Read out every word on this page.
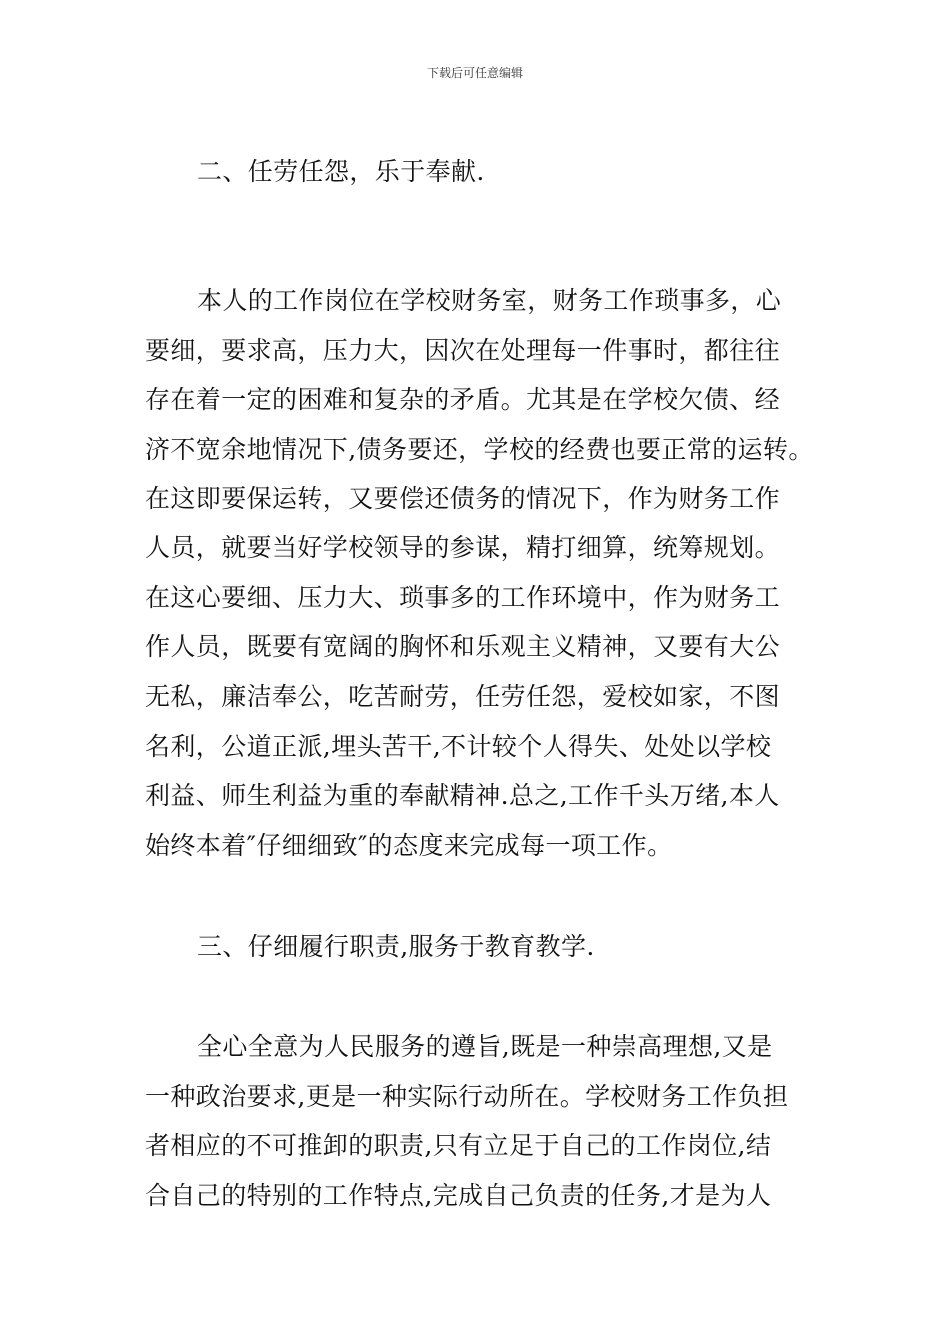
下载后可任意编辑
二、任劳任怨，乐于奉献.
本人的工作岗位在学校财务室，财务工作琐事多，心
要细，要求高，压力大，因次在处理每一件事时，都往往
存在着一定的困难和复杂的矛盾。尤其是在学校欠债、经
济不宽余地情况下,债务要还，学校的经费也要正常的运转。
在这即要保运转，又要偿还债务的情况下，作为财务工作
人员，就要当好学校领导的参谋，精打细算，统筹规划。
在这心要细、压力大、琐事多的工作环境中，作为财务工
作人员，既要有宽阔的胸怀和乐观主义精神，又要有大公
无私，廉洁奉公，吃苦耐劳，任劳任怨，爱校如家，不图
名利，公道正派,埋头苦干,不计较个人得失、处处以学校
利益、师生利益为重的奉献精神.总之,工作千头万绪,本人
始终本着″仔细细致″的态度来完成每一项工作。
三、仔细履行职责,服务于教育教学.
全心全意为人民服务的遵旨,既是一种崇高理想,又是
一种政治要求,更是一种实际行动所在。学校财务工作负担
者相应的不可推卸的职责,只有立足于自己的工作岗位,结
合自己的特别的工作特点,完成自己负责的任务,才是为人
